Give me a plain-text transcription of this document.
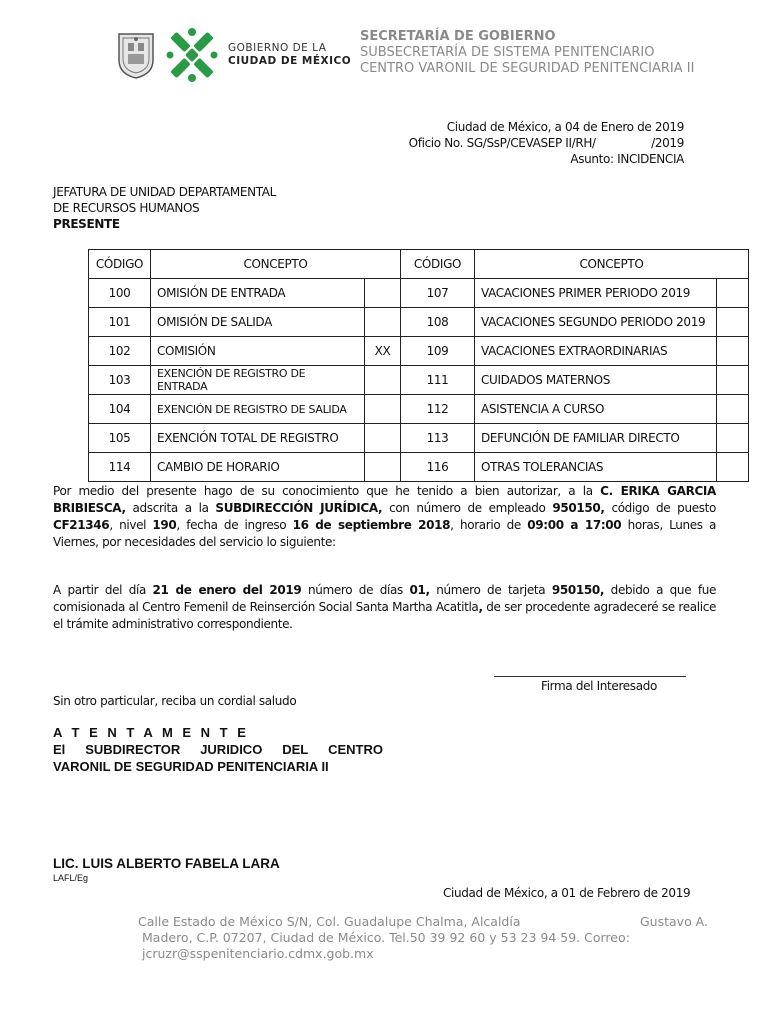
GOBIERNO DE LA
CIUDAD DE MÉXICO
SECRETARÍA DE GOBIERNO
SUBSECRETARÍA DE SISTEMA PENITENCIARIO
CENTRO VARONIL DE SEGURIDAD PENITENCIARIA II
Ciudad de México, a 04 de Enero de 2019
Oficio No. SG/SsP/CEVASEP II/RH/                /2019
Asunto: INCIDENCIA
JEFATURA DE UNIDAD DEPARTAMENTAL
DE RECURSOS HUMANOS
PRESENTE
CÓDIGO	CONCEPTO		CÓDIGO	CONCEPTO	
100	OMISIÓN DE ENTRADA		107	VACACIONES PRIMER PERIODO 2019	
101	OMISIÓN DE SALIDA		108	VACACIONES SEGUNDO PERIODO 2019	
102	COMISIÓN	XX	109	VACACIONES EXTRAORDINARIAS	
103	EXENCIÓN DE REGISTRO DE ENTRADA		111	CUIDADOS MATERNOS	
104	EXENCIÓN DE REGISTRO DE SALIDA		112	ASISTENCIA A CURSO	
105	EXENCIÓN TOTAL DE REGISTRO		113	DEFUNCIÓN DE FAMILIAR DIRECTO	
114	CAMBIO DE HORARIO		116	OTRAS TOLERANCIAS	
Por medio del presente hago de su conocimiento que he tenido a bien autorizar, a la C. ERIKA GARCIA BRIBIESCA, adscrita a la SUBDIRECCIÓN JURÍDICA, con número de empleado 950150, código de puesto CF21346, nivel 190, fecha de ingreso 16 de septiembre 2018, horario de 09:00 a 17:00 horas, Lunes a Viernes, por necesidades del servicio lo siguiente:
A partir del día 21 de enero del 2019 número de días 01, número de tarjeta 950150, debido a que fue comisionada al Centro Femenil de Reinserción Social Santa Martha Acatitla, de ser procedente agradeceré se realice el trámite administrativo correspondiente.
Firma del Interesado
Sin otro particular, reciba un cordial saludo
A T E N T A M E N T E
El SUBDIRECTOR JURIDICO DEL CENTRO
VARONIL DE SEGURIDAD PENITENCIARIA II
LIC. LUIS ALBERTO FABELA LARA
LAFL/Eg
Ciudad de México, a 01 de Febrero de 2019
Calle Estado de México S/N, Col. Guadalupe Chalma, Alcaldía	Gustavo A.
Madero, C.P. 07207, Ciudad de México. Tel.50 39 92 60 y 53 23 94 59. Correo:
jcruzr@sspenitenciario.cdmx.gob.mx
